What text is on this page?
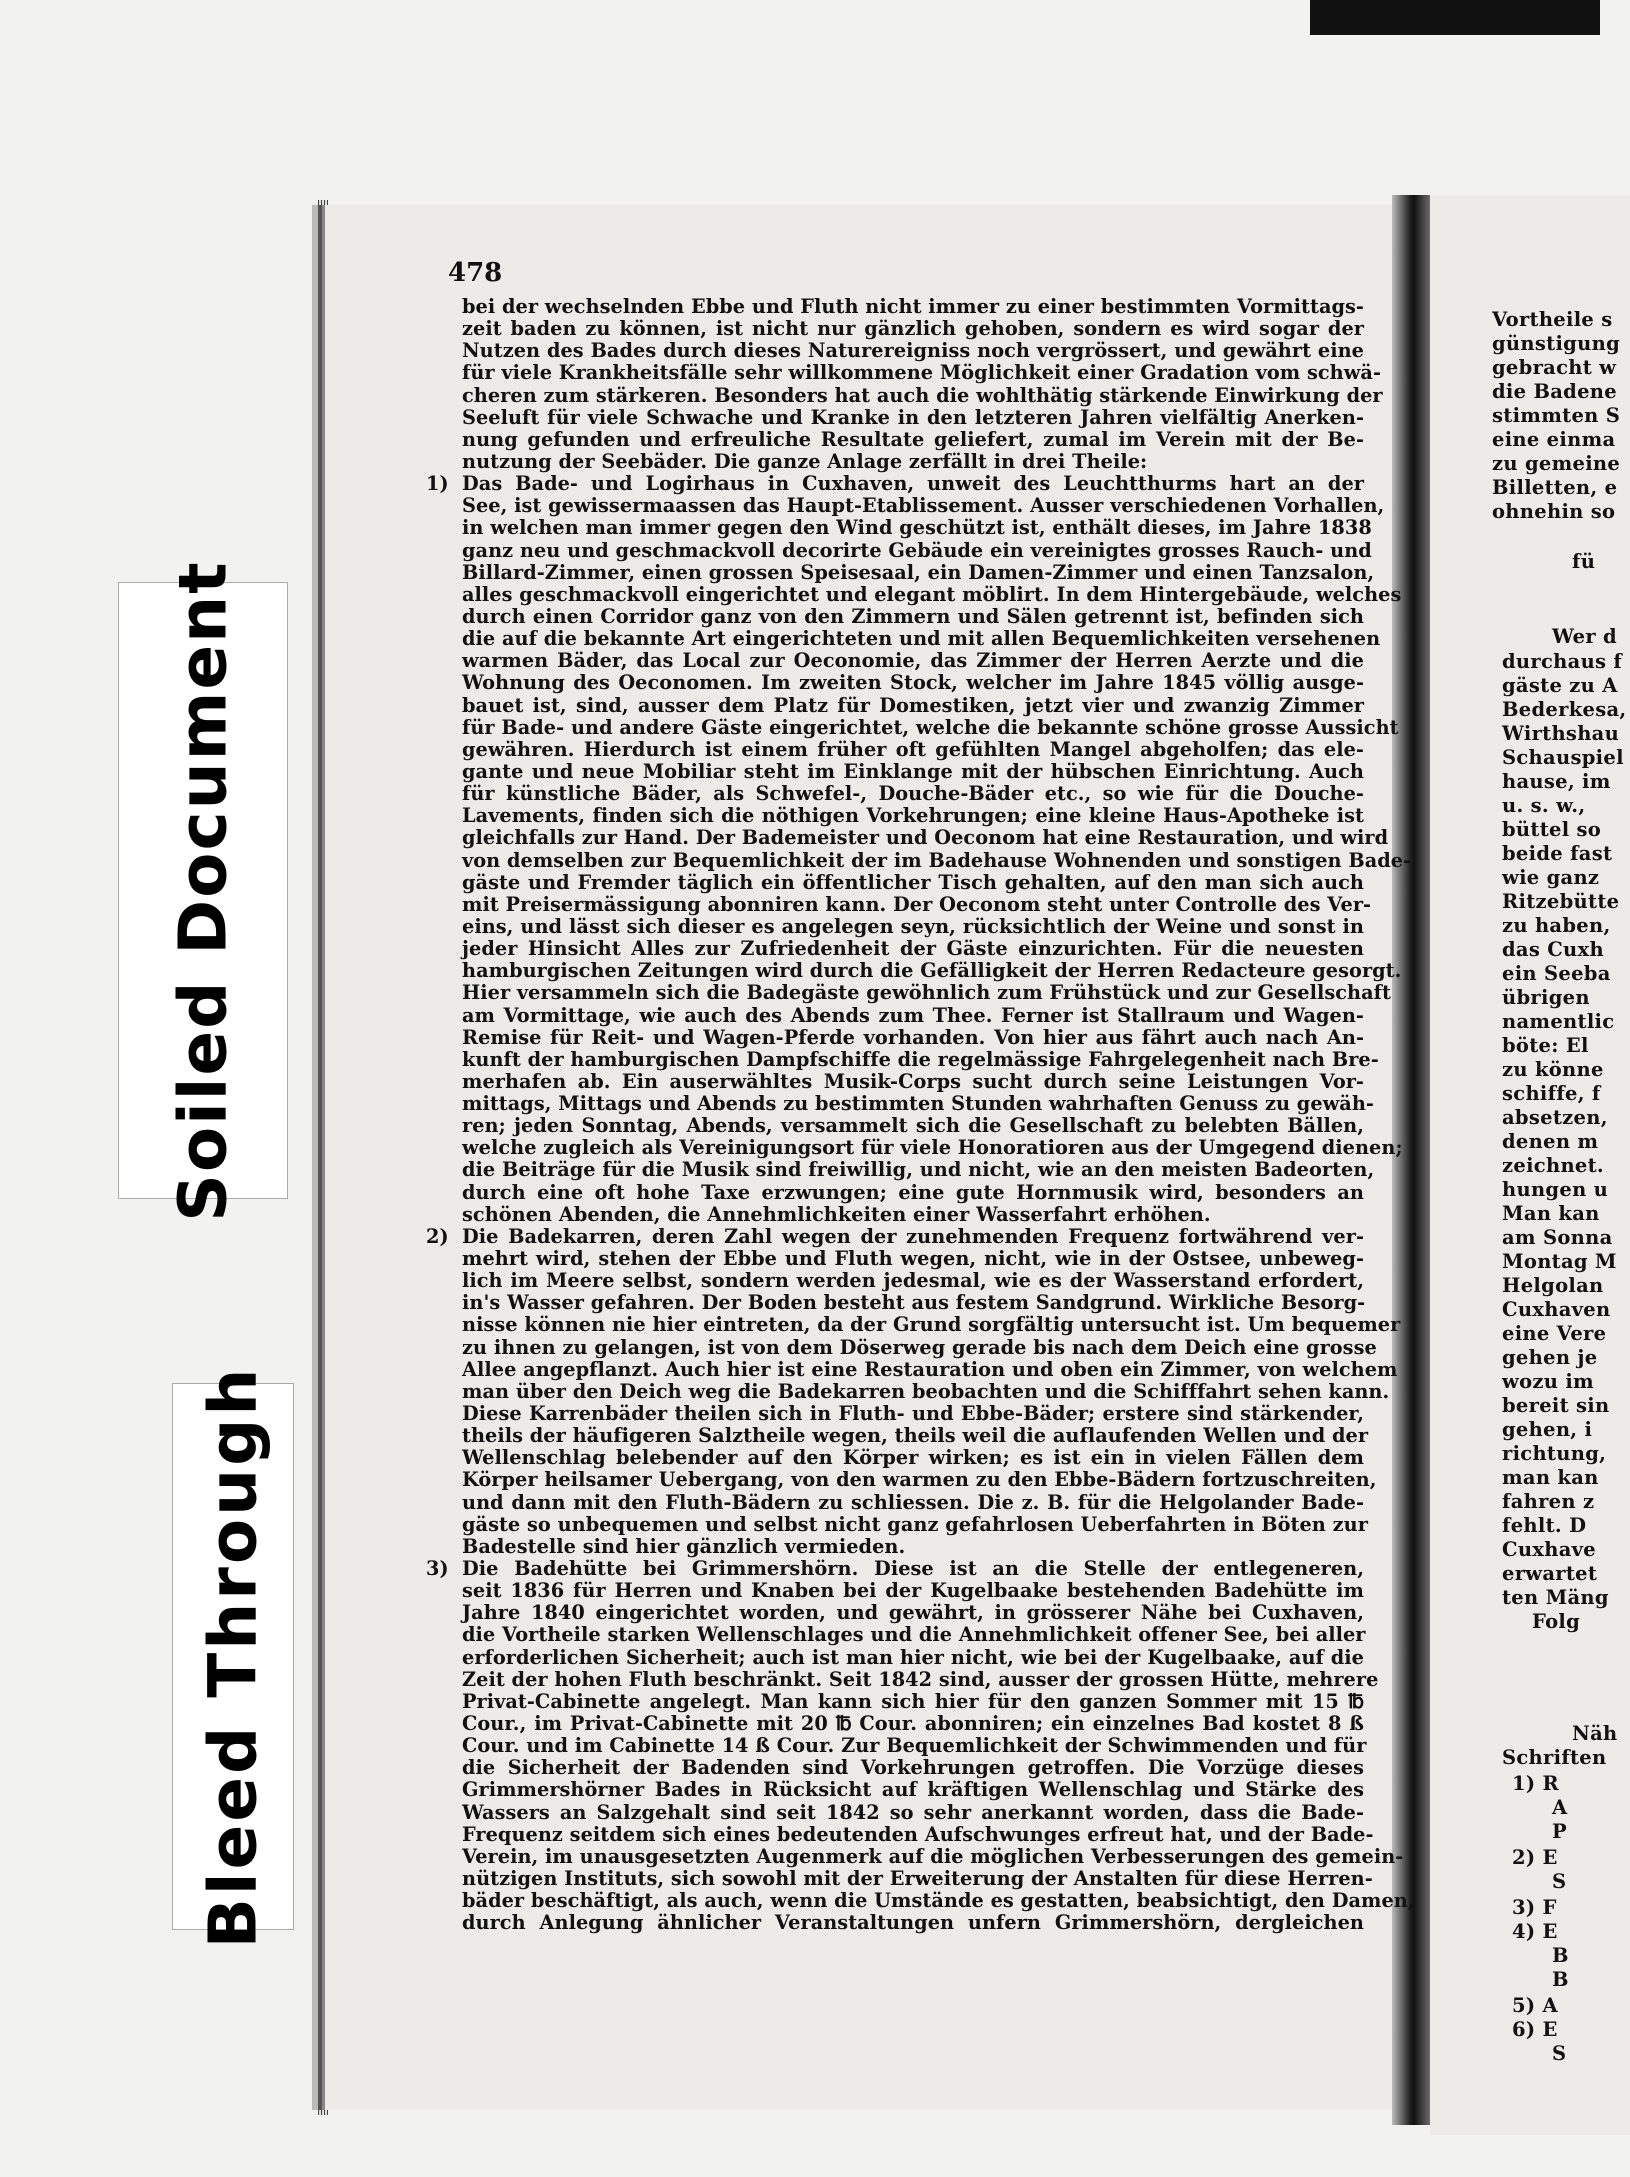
Soiled Document
Bleed Through
Vortheile s
günstigung
gebracht w
die Badene
stimmten S
eine einma
zu gemeine
Billetten, e
ohnehin so
fü
Wer d
durchaus f
gäste zu A
Bederkesa,
Wirthshau
Schauspiel
hause, im
u. s. w.,
büttel so
beide fast
wie ganz
Ritzebütte
zu haben,
das Cuxh
ein Seeba
übrigen
namentlic
böte: El
zu könne
schiffe, f
absetzen,
denen m
zeichnet.
hungen u
Man kan
am Sonna
Montag M
Helgolan
Cuxhaven
eine Vere
gehen je
wozu im
bereit sin
gehen, i
richtung,
man kan
fahren z
fehlt. D
Cuxhave
erwartet
ten Mäng
Folg
Näh
Schriften
1) R
A
P
2) E
S
3) F
4) E
B
B
5) A
6) E
S
478
bei der wechselnden Ebbe und Fluth nicht immer zu einer bestimmten Vormittags-
zeit baden zu können, ist nicht nur gänzlich gehoben, sondern es wird sogar der
Nutzen des Bades durch dieses Naturereigniss noch vergrössert, und gewährt eine
für viele Krankheitsfälle sehr willkommene Möglichkeit einer Gradation vom schwä-
cheren zum stärkeren. Besonders hat auch die wohlthätig stärkende Einwirkung der
Seeluft für viele Schwache und Kranke in den letzteren Jahren vielfältig Anerken-
nung gefunden und erfreuliche Resultate geliefert, zumal im Verein mit der Be-
nutzung der Seebäder. Die ganze Anlage zerfällt in drei Theile:
1) Das Bade- und Logirhaus in Cuxhaven, unweit des Leuchtthurms hart an der
See, ist gewissermaassen das Haupt-Etablissement. Ausser verschiedenen Vorhallen,
in welchen man immer gegen den Wind geschützt ist, enthält dieses, im Jahre 1838
ganz neu und geschmackvoll decorirte Gebäude ein vereinigtes grosses Rauch- und
Billard-Zimmer, einen grossen Speisesaal, ein Damen-Zimmer und einen Tanzsalon,
alles geschmackvoll eingerichtet und elegant möblirt. In dem Hintergebäude, welches
durch einen Corridor ganz von den Zimmern und Sälen getrennt ist, befinden sich
die auf die bekannte Art eingerichteten und mit allen Bequemlichkeiten versehenen
warmen Bäder, das Local zur Oeconomie, das Zimmer der Herren Aerzte und die
Wohnung des Oeconomen. Im zweiten Stock, welcher im Jahre 1845 völlig ausge-
bauet ist, sind, ausser dem Platz für Domestiken, jetzt vier und zwanzig Zimmer
für Bade- und andere Gäste eingerichtet, welche die bekannte schöne grosse Aussicht
gewähren. Hierdurch ist einem früher oft gefühlten Mangel abgeholfen; das ele-
gante und neue Mobiliar steht im Einklange mit der hübschen Einrichtung. Auch
für künstliche Bäder, als Schwefel-, Douche-Bäder etc., so wie für die Douche-
Lavements, finden sich die nöthigen Vorkehrungen; eine kleine Haus-Apotheke ist
gleichfalls zur Hand. Der Bademeister und Oeconom hat eine Restauration, und wird
von demselben zur Bequemlichkeit der im Badehause Wohnenden und sonstigen Bade-
gäste und Fremder täglich ein öffentlicher Tisch gehalten, auf den man sich auch
mit Preisermässigung abonniren kann. Der Oeconom steht unter Controlle des Ver-
eins, und lässt sich dieser es angelegen seyn, rücksichtlich der Weine und sonst in
jeder Hinsicht Alles zur Zufriedenheit der Gäste einzurichten. Für die neuesten
hamburgischen Zeitungen wird durch die Gefälligkeit der Herren Redacteure gesorgt.
Hier versammeln sich die Badegäste gewöhnlich zum Frühstück und zur Gesellschaft
am Vormittage, wie auch des Abends zum Thee. Ferner ist Stallraum und Wagen-
Remise für Reit- und Wagen-Pferde vorhanden. Von hier aus fährt auch nach An-
kunft der hamburgischen Dampfschiffe die regelmässige Fahrgelegenheit nach Bre-
merhafen ab. Ein auserwähltes Musik-Corps sucht durch seine Leistungen Vor-
mittags, Mittags und Abends zu bestimmten Stunden wahrhaften Genuss zu gewäh-
ren; jeden Sonntag, Abends, versammelt sich die Gesellschaft zu belebten Bällen,
welche zugleich als Vereinigungsort für viele Honoratioren aus der Umgegend dienen;
die Beiträge für die Musik sind freiwillig, und nicht, wie an den meisten Badeorten,
durch eine oft hohe Taxe erzwungen; eine gute Hornmusik wird, besonders an
schönen Abenden, die Annehmlichkeiten einer Wasserfahrt erhöhen.
2) Die Badekarren, deren Zahl wegen der zunehmenden Frequenz fortwährend ver-
mehrt wird, stehen der Ebbe und Fluth wegen, nicht, wie in der Ostsee, unbeweg-
lich im Meere selbst, sondern werden jedesmal, wie es der Wasserstand erfordert,
in's Wasser gefahren. Der Boden besteht aus festem Sandgrund. Wirkliche Besorg-
nisse können nie hier eintreten, da der Grund sorgfältig untersucht ist. Um bequemer
zu ihnen zu gelangen, ist von dem Döserweg gerade bis nach dem Deich eine grosse
Allee angepflanzt. Auch hier ist eine Restauration und oben ein Zimmer, von welchem
man über den Deich weg die Badekarren beobachten und die Schifffahrt sehen kann.
Diese Karrenbäder theilen sich in Fluth- und Ebbe-Bäder; erstere sind stärkender,
theils der häufigeren Salztheile wegen, theils weil die auflaufenden Wellen und der
Wellenschlag belebender auf den Körper wirken; es ist ein in vielen Fällen dem
Körper heilsamer Uebergang, von den warmen zu den Ebbe-Bädern fortzuschreiten,
und dann mit den Fluth-Bädern zu schliessen. Die z. B. für die Helgolander Bade-
gäste so unbequemen und selbst nicht ganz gefahrlosen Ueberfahrten in Böten zur
Badestelle sind hier gänzlich vermieden.
3) Die Badehütte bei Grimmershörn. Diese ist an die Stelle der entlegeneren,
seit 1836 für Herren und Knaben bei der Kugelbaake bestehenden Badehütte im
Jahre 1840 eingerichtet worden, und gewährt, in grösserer Nähe bei Cuxhaven,
die Vortheile starken Wellenschlages und die Annehmlichkeit offener See, bei aller
erforderlichen Sicherheit; auch ist man hier nicht, wie bei der Kugelbaake, auf die
Zeit der hohen Fluth beschränkt. Seit 1842 sind, ausser der grossen Hütte, mehrere
Privat-Cabinette angelegt. Man kann sich hier für den ganzen Sommer mit 15 ℔
Cour., im Privat-Cabinette mit 20 ℔ Cour. abonniren; ein einzelnes Bad kostet 8 ß
Cour. und im Cabinette 14 ß Cour. Zur Bequemlichkeit der Schwimmenden und für
die Sicherheit der Badenden sind Vorkehrungen getroffen. Die Vorzüge dieses
Grimmershörner Bades in Rücksicht auf kräftigen Wellenschlag und Stärke des
Wassers an Salzgehalt sind seit 1842 so sehr anerkannt worden, dass die Bade-
Frequenz seitdem sich eines bedeutenden Aufschwunges erfreut hat, und der Bade-
Verein, im unausgesetzten Augenmerk auf die möglichen Verbesserungen des gemein-
nützigen Instituts, sich sowohl mit der Erweiterung der Anstalten für diese Herren-
bäder beschäftigt, als auch, wenn die Umstände es gestatten, beabsichtigt, den Damen,
durch Anlegung ähnlicher Veranstaltungen unfern Grimmershörn, dergleichen
